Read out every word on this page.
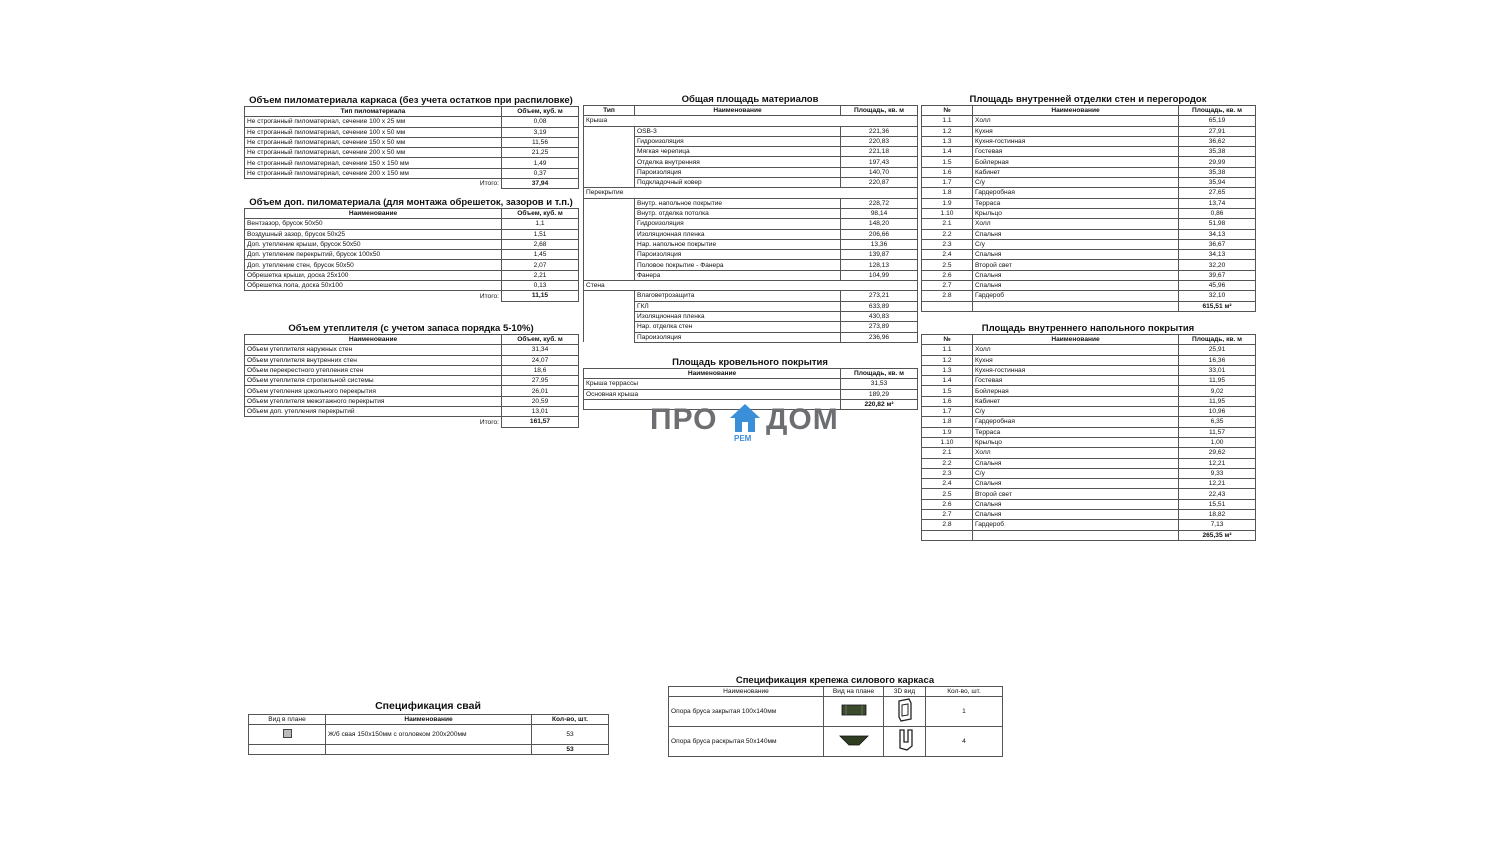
Объем пиломатериала каркаса (без учета остатков при распиловке)
Тип пиломатериала	Объем, куб. м
Не строганный пиломатериал, сечение 100 х 25 мм	0,08
Не строганный пиломатериал, сечение 100 х 50 мм	3,19
Не строганный пиломатериал, сечение 150 х 50 мм	11,56
Не строганный пиломатериал, сечение 200 х 50 мм	21,25
Не строганный пиломатериал, сечение 150 х 150 мм	1,49
Не строганный пиломатериал, сечение 200 х 150 мм	0,37
Итого:	37,94
Объем доп. пиломатериала (для монтажа обрешеток, зазоров и т.п.)
Наименование	Объем, куб. м
Вентзазор, брусок 50х50	1,1
Воздушный зазор, брусок 50х25	1,51
Доп. утепление крыши, брусок 50х50	2,68
Доп. утепление перекрытий, брусок 100х50	1,45
Доп. утепление стен, брусок 50х50	2,07
Обрешетка крыши, доска 25х100	2,21
Обрешетка пола, доска 50х100	0,13
Итого:	11,15
Объем утеплителя (с учетом запаса порядка 5-10%)
Наименование	Объем, куб. м
Объем утеплителя наружных стен	31,34
Объем утеплителя внутренних стен	24,07
Объем перекрестного утепления стен	18,6
Объем утеплителя стропильной системы	27,95
Объем утепления цокольного перекрытия	26,01
Объем утеплителя межэтажного перекрытия	20,59
Объем доп. утепления перекрытий	13,01
Итого:	161,57
Общая площадь материалов
Тип	Наименование	Площадь, кв. м
Крыша		
	OSB-3	221,36
	Гидроизоляция	220,83
	Мягкая черепица	221,18
	Отделка внутренняя	197,43
	Пароизоляция	140,70
	Подкладочный ковер	220,87
Перекрытие		
	Внутр. напольное покрытие	228,72
	Внутр. отделка потолка	98,14
	Гидроизоляция	148,20
	Изоляционная пленка	206,66
	Нар. напольное покрытие	13,36
	Пароизоляция	139,87
	Половое покрытие - Фанера	128,13
	Фанера	104,99
Стена		
	Влаговетрозащита	273,21
	ГКЛ	633,89
	Изоляционная пленка	430,83
	Нар. отделка стен	273,89
	Пароизоляция	236,96
Площадь кровельного покрытия
Наименование	Площадь, кв. м
Крыша террассы	31,53
Основная крыша	189,29
	220,82 м²
ПРО
РЕМ
ДОМ
Площадь внутренней отделки стен и перегородок
№	Наименование	Площадь, кв. м
1.1	Холл	65,19
1.2	Кухня	27,91
1.3	Кухня-гостинная	36,62
1.4	Гостевая	35,38
1.5	Бойлерная	29,99
1.6	Кабинет	35,38
1.7	С/у	35,94
1.8	Гардеробная	27,65
1.9	Терраса	13,74
1.10	Крыльцо	0,86
2.1	Холл	51,98
2.2	Спальня	34,13
2.3	С/у	36,67
2.4	Спальня	34,13
2.5	Второй свет	32,20
2.6	Спальня	39,67
2.7	Спальня	45,96
2.8	Гардероб	32,10
		615,51 м²
Площадь внутреннего напольного покрытия
№	Наименование	Площадь, кв. м
1.1	Холл	25,91
1.2	Кухня	16,36
1.3	Кухня-гостинная	33,01
1.4	Гостевая	11,95
1.5	Бойлерная	9,02
1.6	Кабинет	11,95
1.7	С/у	10,96
1.8	Гардеробная	6,35
1.9	Терраса	11,57
1.10	Крыльцо	1,00
2.1	Холл	29,62
2.2	Спальня	12,21
2.3	С/у	9,33
2.4	Спальня	12,21
2.5	Второй свет	22,43
2.6	Спальня	15,51
2.7	Спальня	18,82
2.8	Гардероб	7,13
		265,35 м²
Спецификация свай
Вид в плане	Наименование	Кол-во, шт.
	Ж/б свая 150х150мм с оголовком 200х200мм	53
		53
Спецификация крепежа силового каркаса
Наименование	Вид на плане	3D вид	Кол-во, шт.
Опора бруса закрытая 100х140мм			1
Опора бруса раскрытая 50х140мм			4
